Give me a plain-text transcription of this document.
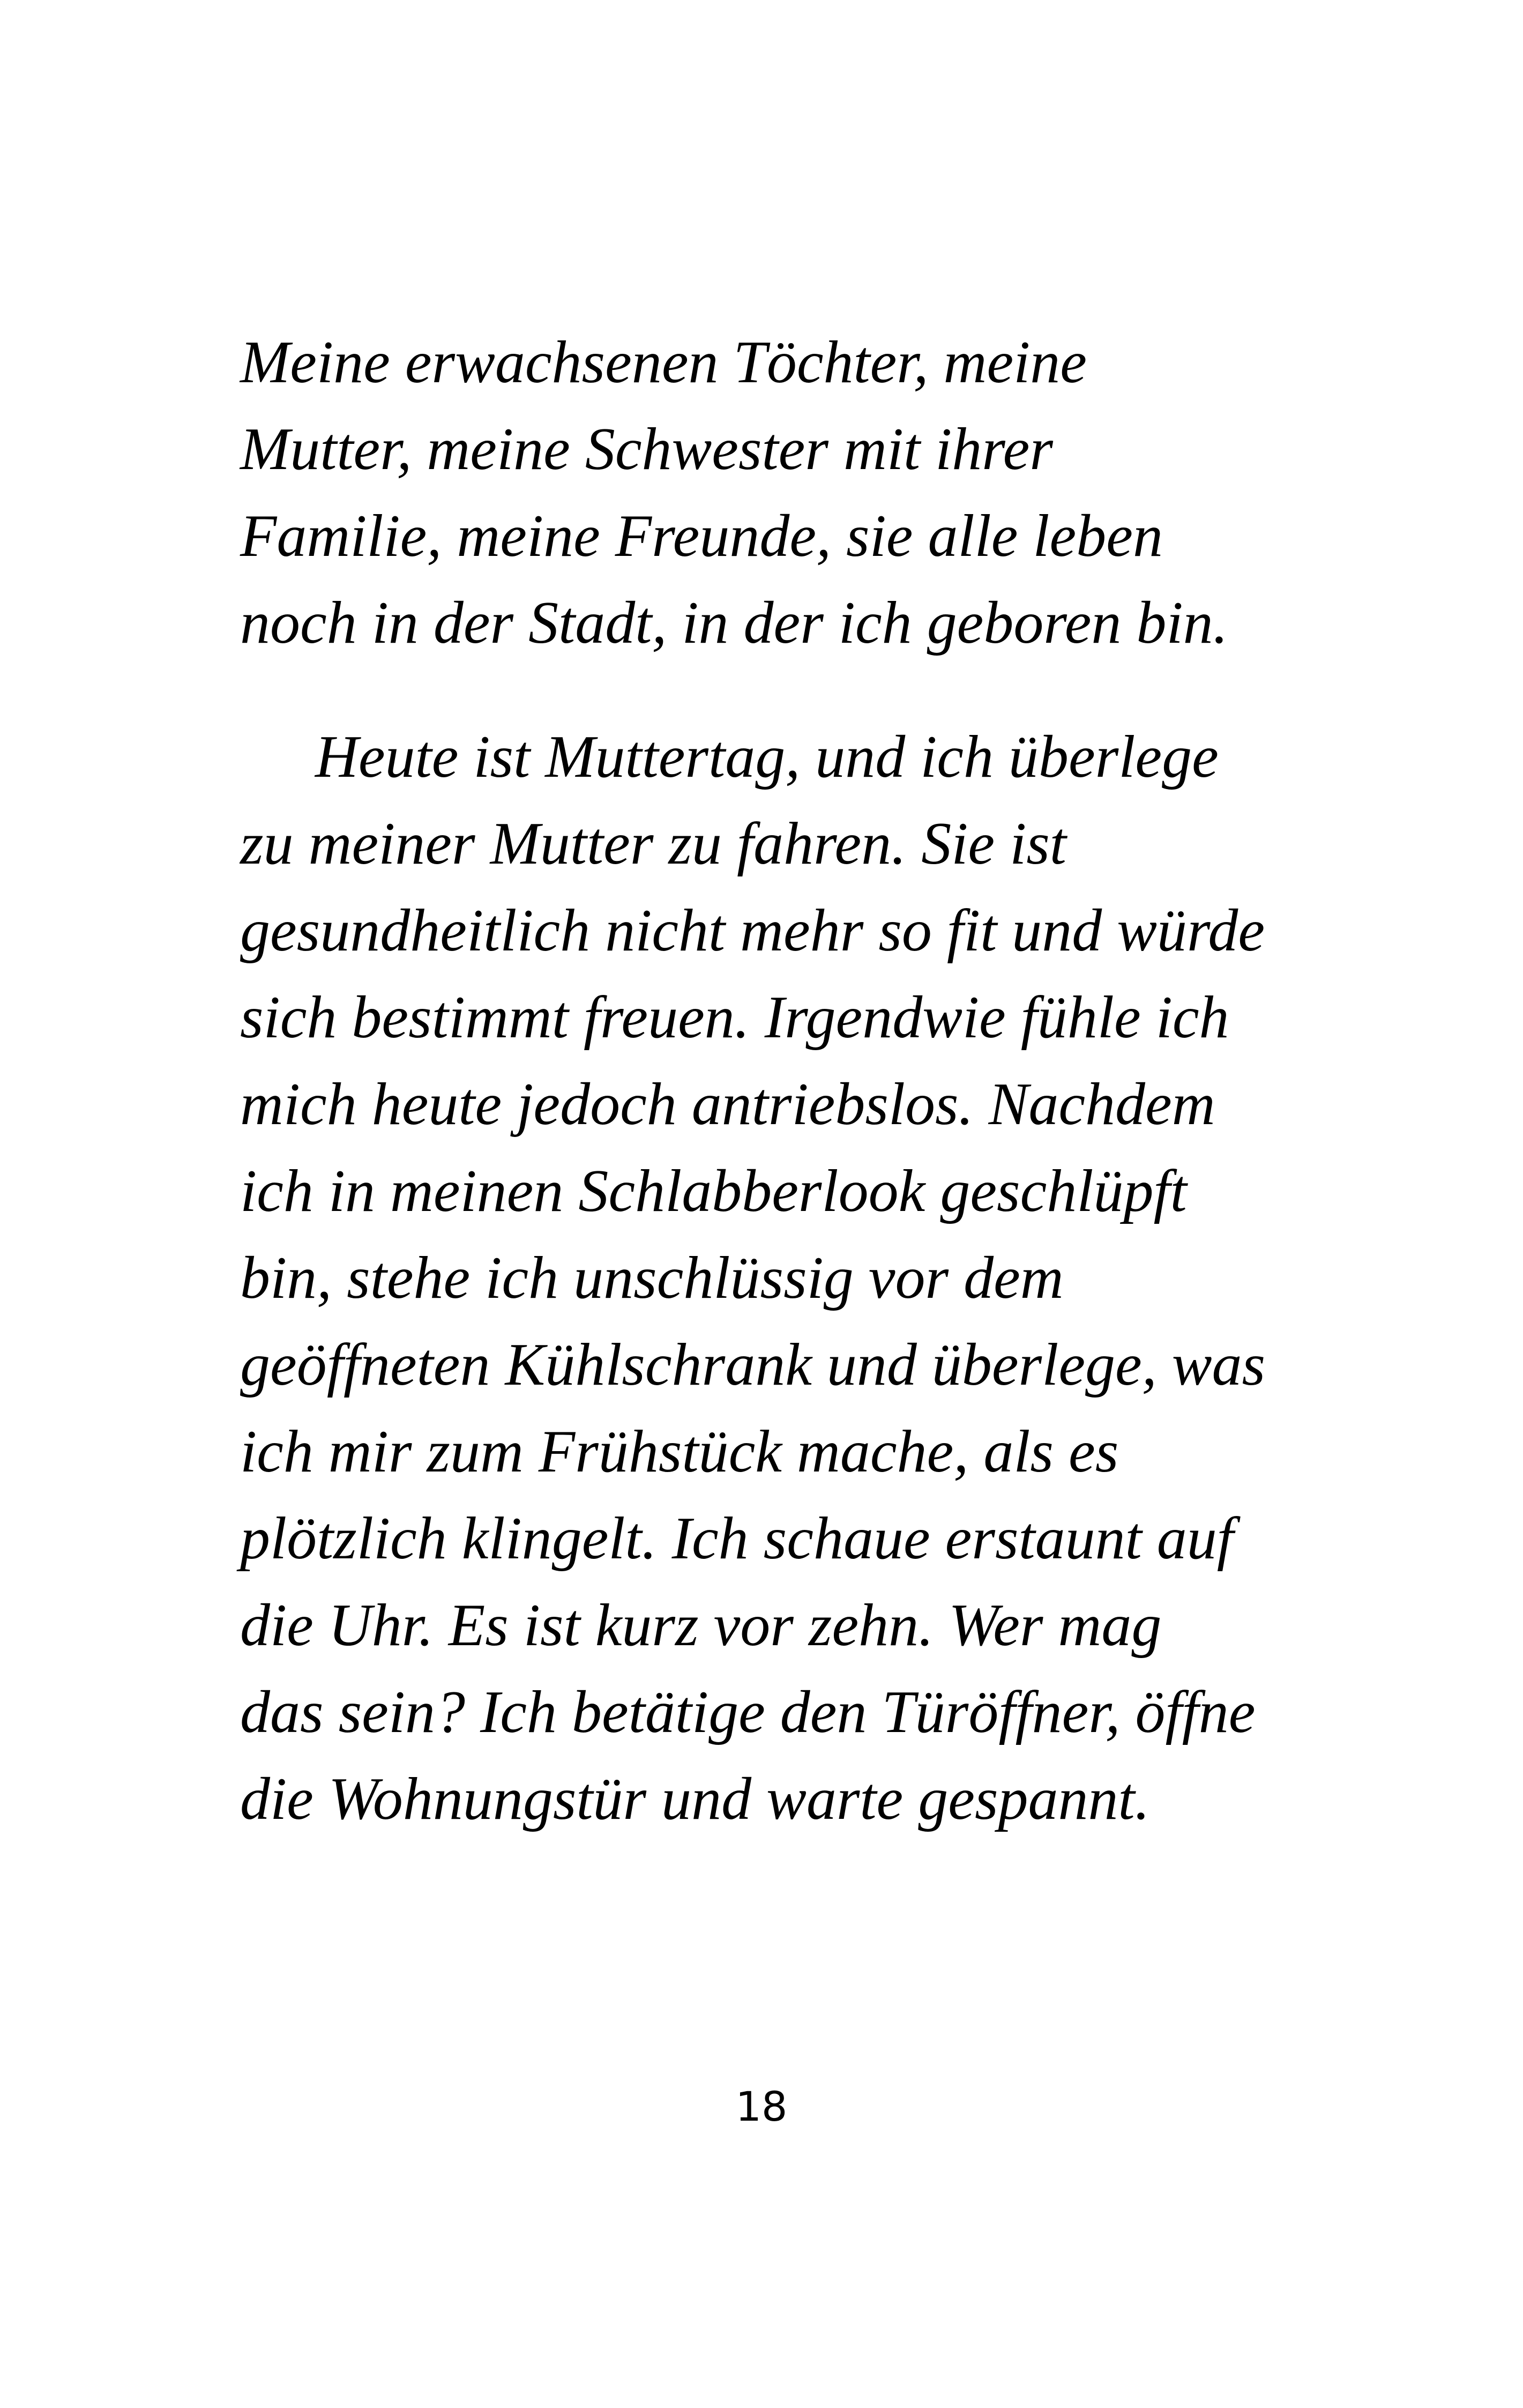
Meine erwachsenen Töchter, meine
Mutter, meine Schwester mit ihrer
Familie, meine Freunde, sie alle leben
noch in der Stadt, in der ich geboren bin.
Heute ist Muttertag, und ich überlege
zu meiner Mutter zu fahren. Sie ist
gesundheitlich nicht mehr so fit und würde
sich bestimmt freuen. Irgendwie fühle ich
mich heute jedoch antriebslos. Nachdem
ich in meinen Schlabberlook geschlüpft
bin, stehe ich unschlüssig vor dem
geöffneten Kühlschrank und überlege, was
ich mir zum Frühstück mache, als es
plötzlich klingelt. Ich schaue erstaunt auf
die Uhr. Es ist kurz vor zehn. Wer mag
das sein? Ich betätige den Türöffner, öffne
die Wohnungstür und warte gespannt.
18
